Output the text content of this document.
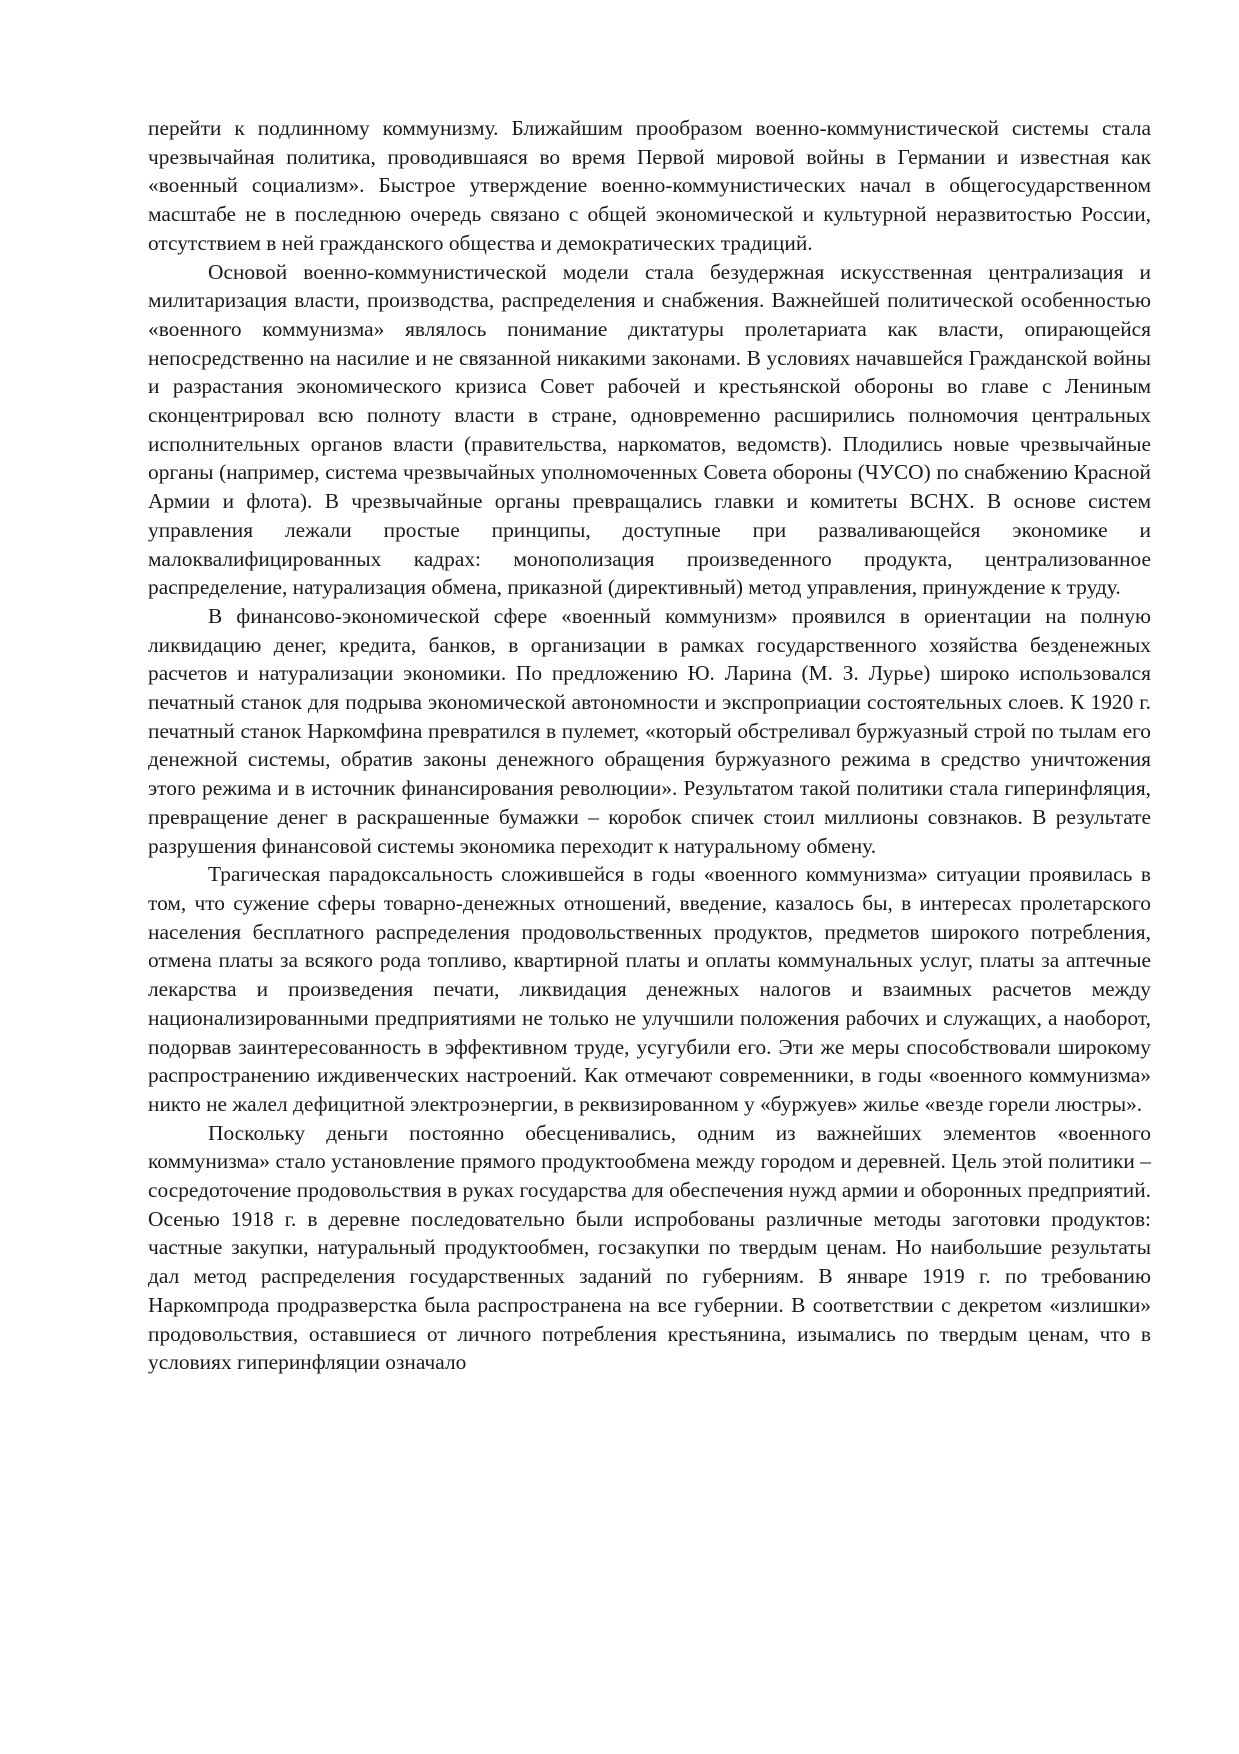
перейти к подлинному коммунизму. Ближайшим прообразом военно-коммунистической системы стала чрезвычайная политика, проводившаяся во время Первой мировой войны в Германии и известная как «военный социализм». Быстрое утверждение военно-коммунистических начал в общегосударственном масштабе не в последнюю очередь связано с общей экономической и культурной неразвитостью России, отсутствием в ней гражданского общества и демократических традиций.

Основой военно-коммунистической модели стала безудержная искусственная централизация и милитаризация власти, производства, распределения и снабжения. Важнейшей политической особенностью «военного коммунизма» являлось понимание диктатуры пролетариата как власти, опирающейся непосредственно на насилие и не связанной никакими законами. В условиях начавшейся Гражданской войны и разрастания экономического кризиса Совет рабочей и крестьянской обороны во главе с Лениным сконцентрировал всю полноту власти в стране, одновременно расширились полномочия центральных исполнительных органов власти (правительства, наркоматов, ведомств). Плодились новые чрезвычайные органы (например, система чрезвычайных уполномоченных Совета обороны (ЧУСО) по снабжению Красной Армии и флота). В чрезвычайные органы превращались главки и комитеты ВСНХ. В основе систем управления лежали простые принципы, доступные при разваливающейся экономике и малоквалифицированных кадрах: монополизация произведенного продукта, централизованное распределение, натурализация обмена, приказной (директивный) метод управления, принуждение к труду.

В финансово-экономической сфере «военный коммунизм» проявился в ориентации на полную ликвидацию денег, кредита, банков, в организации в рамках государственного хозяйства безденежных расчетов и натурализации экономики. По предложению Ю. Ларина (М. З. Лурье) широко использовался печатный станок для подрыва экономической автономности и экспроприации состоятельных слоев. К 1920 г. печатный станок Наркомфина превратился в пулемет, «который обстреливал буржуазный строй по тылам его денежной системы, обратив законы денежного обращения буржуазного режима в средство уничтожения этого режима и в источник финансирования революции». Результатом такой политики стала гиперинфляция, превращение денег в раскрашенные бумажки – коробок спичек стоил миллионы совзнаков. В результате разрушения финансовой системы экономика переходит к натуральному обмену.

Трагическая парадоксальность сложившейся в годы «военного коммунизма» ситуации проявилась в том, что сужение сферы товарно-денежных отношений, введение, казалось бы, в интересах пролетарского населения бесплатного распределения продовольственных продуктов, предметов широкого потребления, отмена платы за всякого рода топливо, квартирной платы и оплаты коммунальных услуг, платы за аптечные лекарства и произведения печати, ликвидация денежных налогов и взаимных расчетов между национализированными предприятиями не только не улучшили положения рабочих и служащих, а наоборот, подорвав заинтересованность в эффективном труде, усугубили его. Эти же меры способствовали широкому распространению иждивенческих настроений. Как отмечают современники, в годы «военного коммунизма» никто не жалел дефицитной электроэнергии, в реквизированном у «буржуев» жилье «везде горели люстры».

Поскольку деньги постоянно обесценивались, одним из важнейших элементов «военного коммунизма» стало установление прямого продуктообмена между городом и деревней. Цель этой политики – сосредоточение продовольствия в руках государства для обеспечения нужд армии и оборонных предприятий. Осенью 1918 г. в деревне последовательно были испробованы различные методы заготовки продуктов: частные закупки, натуральный продуктообмен, госзакупки по твердым ценам. Но наибольшие результаты дал метод распределения государственных заданий по губерниям. В январе 1919 г. по требованию Наркомпрода продразверстка была распространена на все губернии. В соответствии с декретом «излишки» продовольствия, оставшиеся от личного потребления крестьянина, изымались по твердым ценам, что в условиях гиперинфляции означало
